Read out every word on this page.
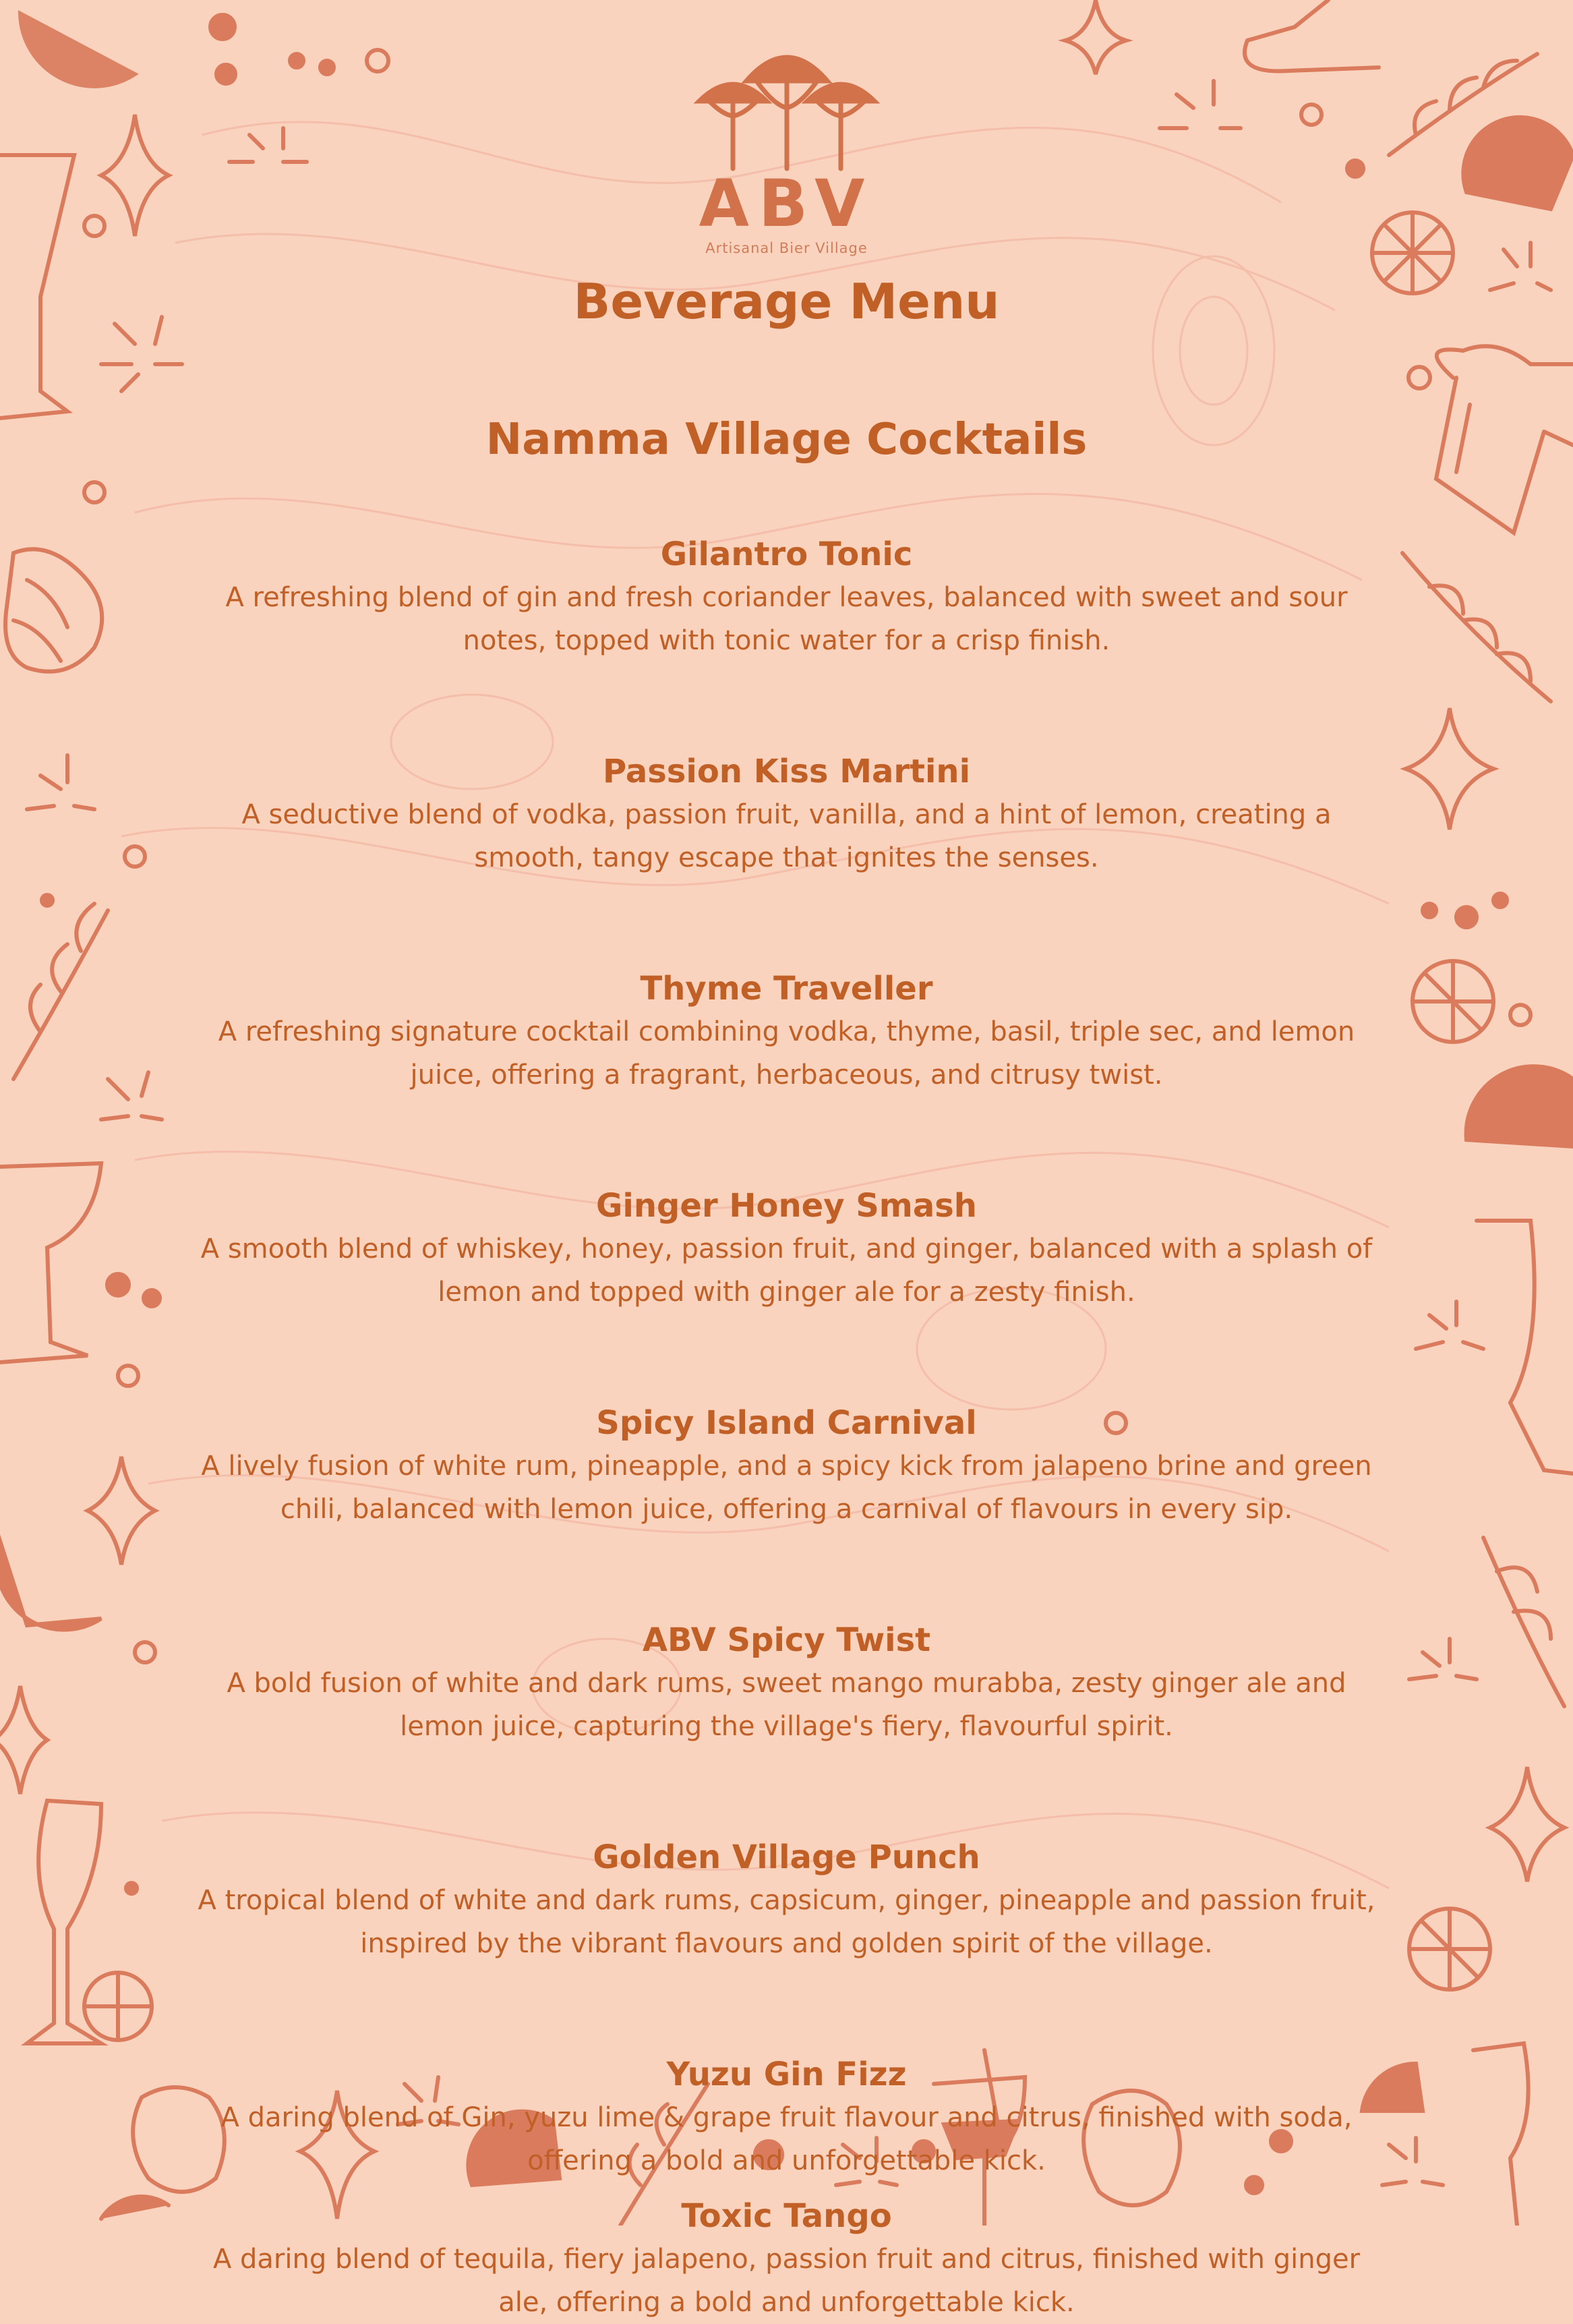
ABV
Artisanal Bier Village
Beverage Menu
Namma Village Cocktails
Gilantro Tonic
A refreshing blend of gin and fresh coriander leaves, balanced with sweet and sour notes, topped with tonic water for a crisp finish.
Passion Kiss Martini
A seductive blend of vodka, passion fruit, vanilla, and a hint of lemon, creating a smooth, tangy escape that ignites the senses.
Thyme Traveller
A refreshing signature cocktail combining vodka, thyme, basil, triple sec, and lemon juice, offering a fragrant, herbaceous, and citrusy twist.
Ginger Honey Smash
A smooth blend of whiskey, honey, passion fruit, and ginger, balanced with a splash of lemon and topped with ginger ale for a zesty finish.
Spicy Island Carnival
A lively fusion of white rum, pineapple, and a spicy kick from jalapeno brine and green chili, balanced with lemon juice, offering a carnival of flavours in every sip.
ABV Spicy Twist
A bold fusion of white and dark rums, sweet mango murabba, zesty ginger ale and lemon juice, capturing the village's fiery, flavourful spirit.
Golden Village Punch
A tropical blend of white and dark rums, capsicum, ginger, pineapple and passion fruit, inspired by the vibrant flavours and golden spirit of the village.
Yuzu Gin Fizz
A daring blend of Gin, yuzu lime & grape fruit flavour and citrus, finished with soda, offering a bold and unforgettable kick.
Toxic Tango
A daring blend of tequila, fiery jalapeno, passion fruit and citrus, finished with ginger ale, offering a bold and unforgettable kick.
